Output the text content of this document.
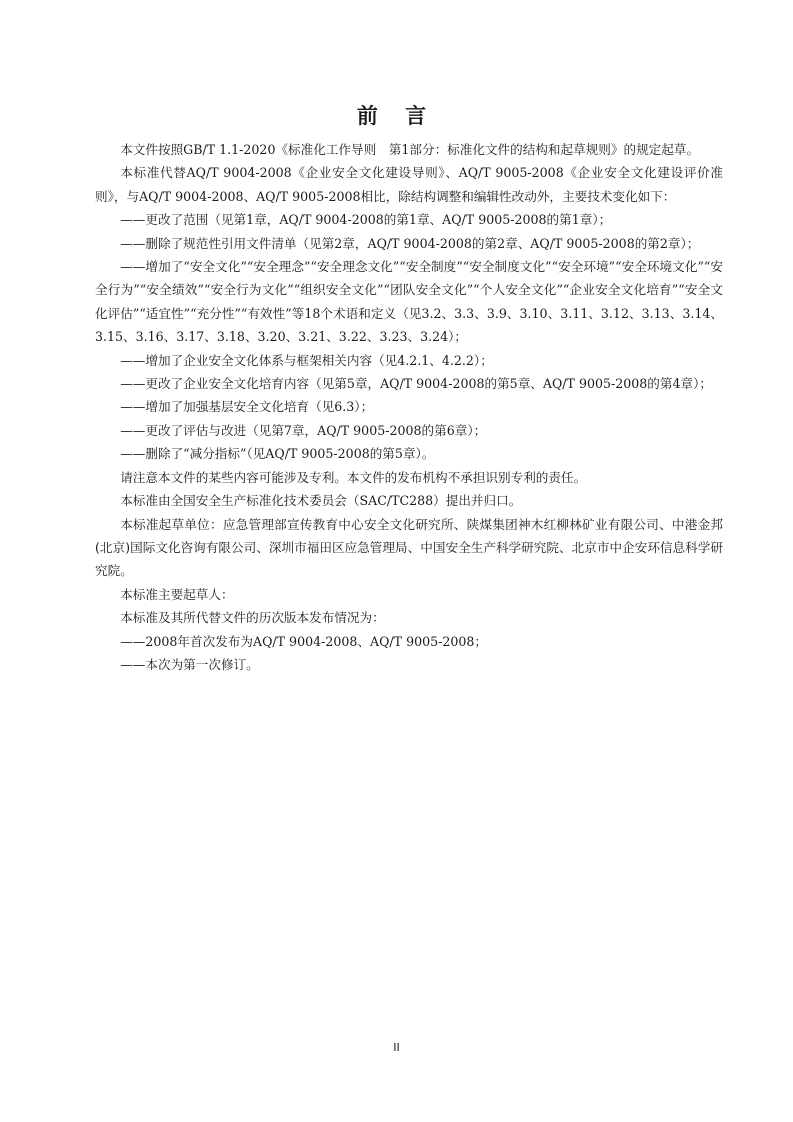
前 言

本文件按照GB/T 1.1-2020《标准化工作导则　第1部分：标准化文件的结构和起草规则》的规定起草。

本标准代替AQ/T 9004-2008《企业安全文化建设导则》、AQ/T 9005-2008《企业安全文化建设评价准则》，与AQ/T 9004-2008、AQ/T 9005-2008相比，除结构调整和编辑性改动外，主要技术变化如下：

——更改了范围（见第1章，AQ/T 9004-2008的第1章、AQ/T 9005-2008的第1章）；

——删除了规范性引用文件清单（见第2章，AQ/T 9004-2008的第2章、AQ/T 9005-2008的第2章）；

——增加了“安全文化”“安全理念”“安全理念文化”“安全制度”“安全制度文化”“安全环境”“安全环境文化”“安全行为”“安全绩效”“安全行为文化”“组织安全文化”“团队安全文化”“个人安全文化”“企业安全文化培育”“安全文化评估”“适宜性”“充分性”“有效性”等18个术语和定义（见3.2、3.3、3.9、3.10、3.11、3.12、3.13、3.14、3.15、3.16、3.17、3.18、3.20、3.21、3.22、3.23、3.24）；

——增加了企业安全文化体系与框架相关内容（见4.2.1、4.2.2）；

——更改了企业安全文化培育内容（见第5章，AQ/T 9004-2008的第5章、AQ/T 9005-2008的第4章）；

——增加了加强基层安全文化培育（见6.3）；

——更改了评估与改进（见第7章，AQ/T 9005-2008的第6章）；

——删除了“减分指标”（见AQ/T 9005-2008的第5章）。

请注意本文件的某些内容可能涉及专利。本文件的发布机构不承担识别专利的责任。

本标准由全国安全生产标准化技术委员会（SAC/TC288）提出并归口。

本标准起草单位：应急管理部宣传教育中心安全文化研究所、陕煤集团神木红柳林矿业有限公司、中港金邦(北京)国际文化咨询有限公司、深圳市福田区应急管理局、中国安全生产科学研究院、北京市中企安环信息科学研究院。

本标准主要起草人：

本标准及其所代替文件的历次版本发布情况为：

——2008年首次发布为AQ/T 9004-2008、AQ/T 9005-2008；

——本次为第一次修订。

II
